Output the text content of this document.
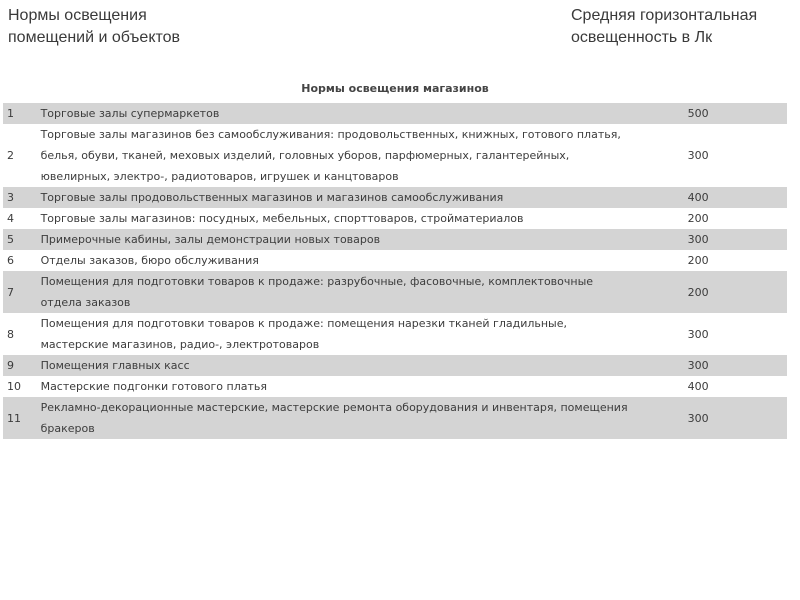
Нормы освещения
помещений и объектов
Средняя горизонтальная
освещенность в Лк
Нормы освещения магазинов
1	Торговые залы супермаркетов	500
2	Торговые залы магазинов без самообслуживания: продовольственных, книжных, готового платья,
белья, обуви, тканей, меховых изделий, головных уборов, парфюмерных, галантерейных,
ювелирных, электро-, радиотоваров, игрушек и канцтоваров	300
3	Торговые залы продовольственных магазинов и магазинов самообслуживания	400
4	Торговые залы магазинов: посудных, мебельных, спорттоваров, стройматериалов	200
5	Примерочные кабины, залы демонстрации новых товаров	300
6	Отделы заказов, бюро обслуживания	200
7	Помещения для подготовки товаров к продаже: разрубочные, фасовочные, комплектовочные
отдела заказов	200
8	Помещения для подготовки товаров к продаже: помещения нарезки тканей гладильные,
мастерские магазинов, радио-, электротоваров	300
9	Помещения главных касс	300
10	Мастерские подгонки готового платья	400
11	Рекламно-декорационные мастерские, мастерские ремонта оборудования и инвентаря, помещения
бракеров	300
